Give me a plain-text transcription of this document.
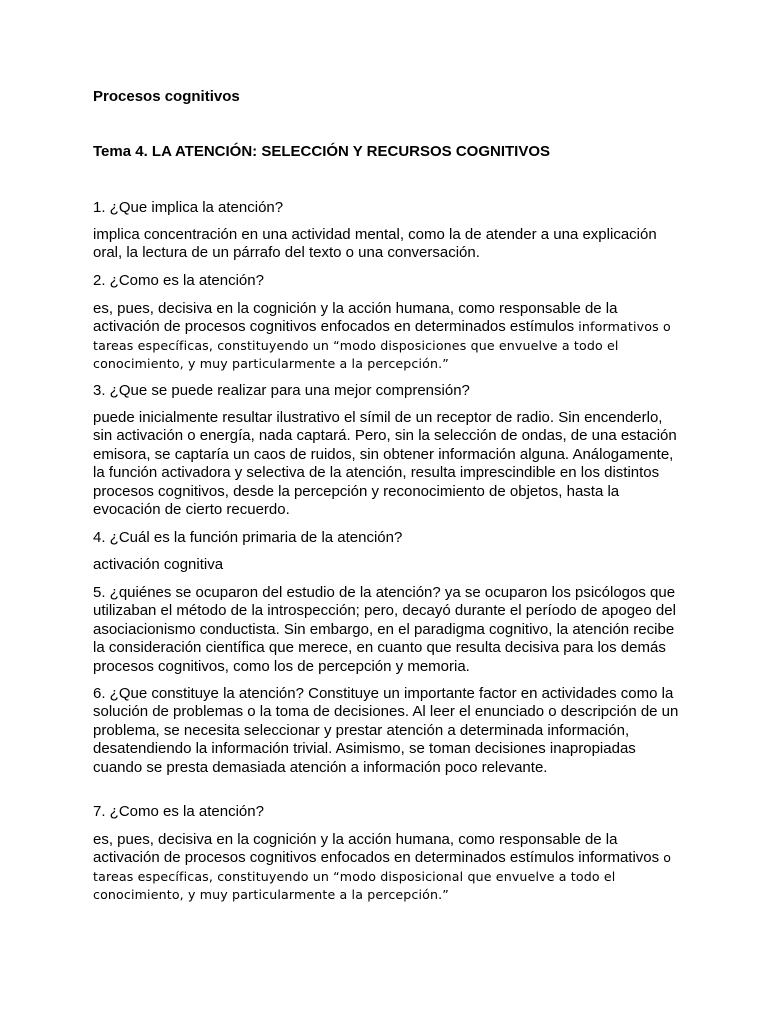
Procesos cognitivos

Tema 4. LA ATENCIÓN: SELECCIÓN Y RECURSOS COGNITIVOS

1. ¿Que implica la atención?

implica concentración en una actividad mental, como la de atender a una explicación oral, la lectura de un párrafo del texto o una conversación.

2. ¿Como es la atención?

es, pues, decisiva en la cognición y la acción humana, como responsable de la activación de procesos cognitivos enfocados en determinados estímulos informativos o tareas específicas, constituyendo un “modo disposiciones que envuelve a todo el conocimiento, y muy particularmente a la percepción.”

3. ¿Que se puede realizar para una mejor comprensión?

puede inicialmente resultar ilustrativo el símil de un receptor de radio. Sin encenderlo, sin activación o energía, nada captará. Pero, sin la selección de ondas, de una estación emisora, se captaría un caos de ruidos, sin obtener información alguna. Análogamente, la función activadora y selectiva de la atención, resulta imprescindible en los distintos procesos cognitivos, desde la percepción y reconocimiento de objetos, hasta la evocación de cierto recuerdo.

4. ¿Cuál es la función primaria de la atención?

activación cognitiva

5. ¿quiénes se ocuparon del estudio de la atención? ya se ocuparon los psicólogos que utilizaban el método de la introspección; pero, decayó durante el período de apogeo del asociacionismo conductista. Sin embargo, en el paradigma cognitivo, la atención recibe la consideración científica que merece, en cuanto que resulta decisiva para los demás procesos cognitivos, como los de percepción y memoria.

6. ¿Que constituye la atención? Constituye un importante factor en actividades como la solución de problemas o la toma de decisiones. Al leer el enunciado o descripción de un problema, se necesita seleccionar y prestar atención a determinada información, desatendiendo la información trivial. Asimismo, se toman decisiones inapropiadas cuando se presta demasiada atención a información poco relevante.

7. ¿Como es la atención?

es, pues, decisiva en la cognición y la acción humana, como responsable de la activación de procesos cognitivos enfocados en determinados estímulos informativos o tareas específicas, constituyendo un “modo disposicional que envuelve a todo el conocimiento, y muy particularmente a la percepción.”
